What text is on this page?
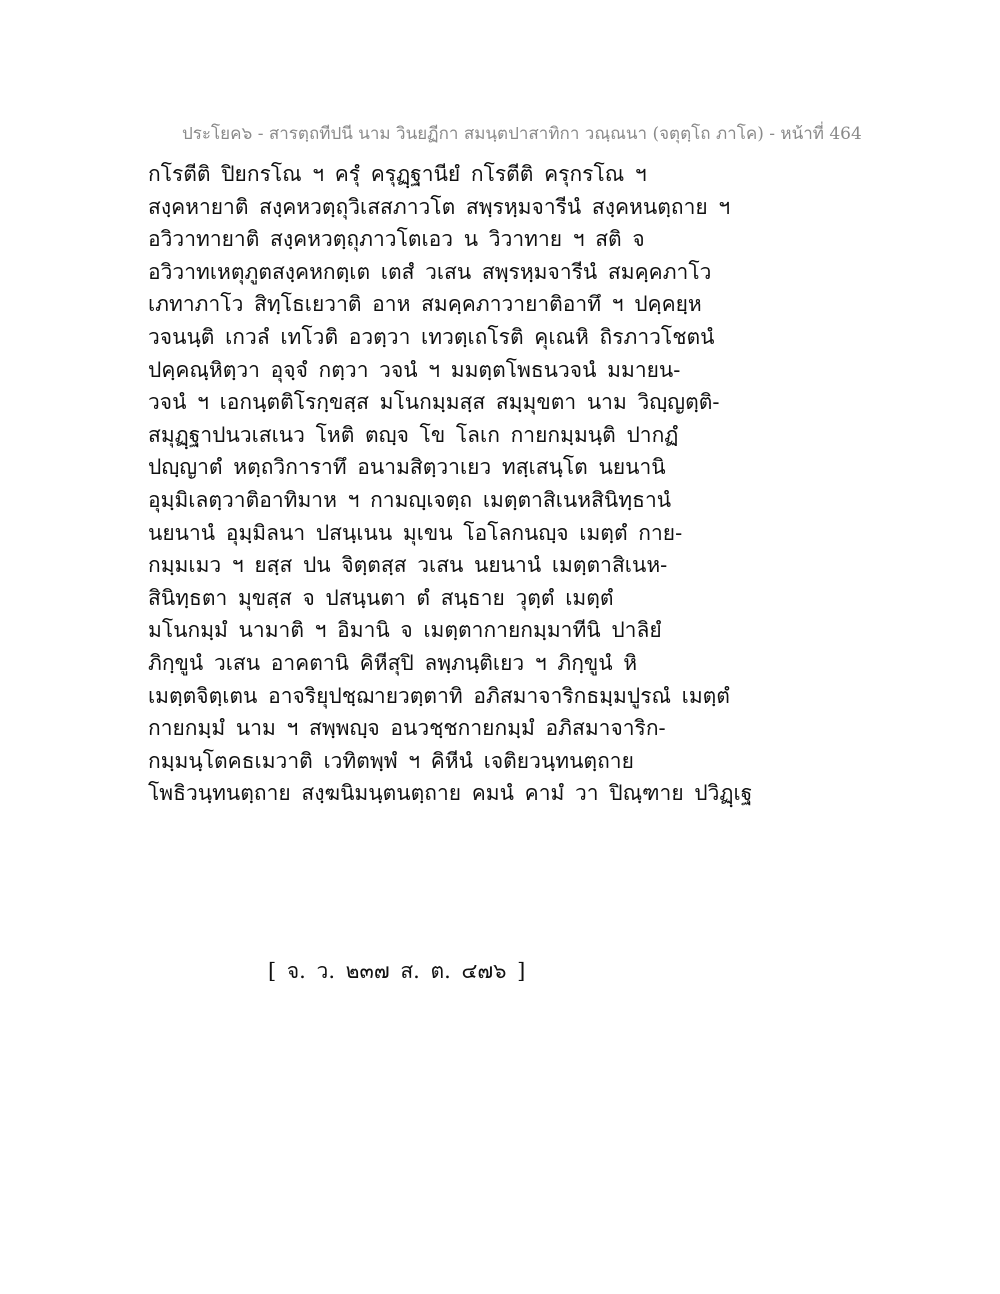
ประโยค๖ - สารตฺถทีปนี นาม วินยฏีกา สมนฺตปาสาทิกา วณฺณนา (จตุตฺโถ ภาโค) - หน้าที่ 464
กโรตีติ ปิยกรโณ ฯ ครุํ ครุฏฺฐานียํ กโรตีติ ครุกรโณ ฯ
สงฺคหายาติ สงฺคหวตฺถุวิเสสภาวโต สพฺรหฺมจารีนํ สงฺคหนตฺถาย ฯ
อวิวาทายาติ สงฺคหวตฺถุภาวโตเอว น วิวาทาย ฯ สติ จ
อวิวาทเหตุภูตสงฺคหกตฺเต เตสํ วเสน สพฺรหฺมจารีนํ สมคฺคภาโว
เภทาภาโว สิทฺโธเยวาติ อาห สมคฺคภาวายาติอาทึ ฯ ปคฺคยฺห
วจนนฺติ เกวลํ เทโวติ อวตฺวา เทวตฺเถโรติ คุเณหิ ถิรภาวโชตนํ
ปคฺคณฺหิตฺวา อุจฺจํ กตฺวา วจนํ ฯ มมตฺตโพธนวจนํ มมายน-
วจนํ ฯ เอกนฺตติโรกฺขสฺส มโนกมฺมสฺส สมฺมุขตา นาม วิญฺญตฺติ-
สมุฏฺฐาปนวเสเนว โหติ ตญฺจ โข โลเก กายกมฺมนฺติ ปากฏํ
ปญฺญาตํ หตฺถวิการาทึ อนามสิตฺวาเยว ทสฺเสนฺโต นยนานิ
อุมฺมิเลตฺวาติอาทิมาห ฯ กามญฺเจตฺถ เมตฺตาสิเนหสินิทฺธานํ
นยนานํ อุมฺมิลนา ปสนฺเนน มุเขน โอโลกนญฺจ เมตฺตํ กาย-
กมฺมเมว ฯ ยสฺส ปน จิตฺตสฺส วเสน นยนานํ เมตฺตาสิเนห-
สินิทฺธตา มุขสฺส จ ปสนฺนตา ตํ สนฺธาย วุตฺตํ เมตฺตํ
มโนกมฺมํ นามาติ ฯ อิมานิ จ เมตฺตากายกมฺมาทีนิ ปาลิยํ
ภิกฺขูนํ วเสน อาคตานิ คิหีสุปิ ลพฺภนฺติเยว ฯ ภิกฺขูนํ หิ
เมตฺตจิตฺเตน อาจริยุปชฺฌายวตฺตาทิ อภิสมาจาริกธมฺมปูรณํ เมตฺตํ
กายกมฺมํ นาม ฯ สพฺพญฺจ อนวชฺชกายกมฺมํ อภิสมาจาริก-
กมฺมนฺโตคธเมวาติ เวทิตพฺพํ ฯ คิหีนํ เจติยวนฺทนตฺถาย
โพธิวนฺทนตฺถาย สงฺฆนิมนฺตนตฺถาย คมนํ คามํ วา ปิณฺฑาย ปวิฏฺเฐ
[ จ. ว. ๒๓๗ ส. ต. ๔๗๖ ]
